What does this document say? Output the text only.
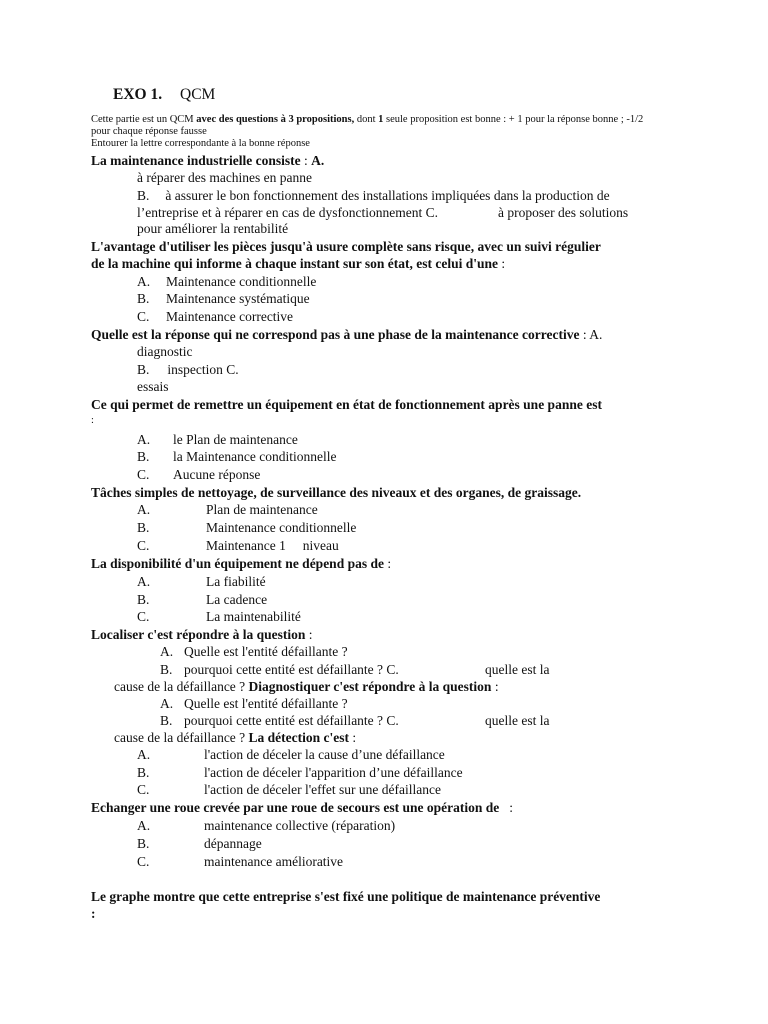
EXO 1. QCM
Cette partie est un QCM avec des questions à 3 propositions, dont 1 seule proposition est bonne : + 1 pour la réponse bonne ; -1/2
pour chaque réponse fausse
Entourer la lettre correspondante à la bonne réponse
La maintenance industrielle consiste : A.
à réparer des machines en panne
B. à assurer le bon fonctionnement des installations impliquées dans la production de
l’entreprise et à réparer en cas de dysfonctionnement C.	à proposer des solutions
pour améliorer la rentabilité
L'avantage d'utiliser les pièces jusqu'à usure complète sans risque, avec un suivi régulier
de la machine qui informe à chaque instant sur son état, est celui d'une :
A. Maintenance conditionnelle
B. Maintenance systématique
C. Maintenance corrective
Quelle est la réponse qui ne correspond pas à une phase de la maintenance corrective : A.
diagnostic
B. inspection C.
essais
Ce qui permet de remettre un équipement en état de fonctionnement après une panne est
:
A. le Plan de maintenance
B. la Maintenance conditionnelle
C. Aucune réponse
Tâches simples de nettoyage, de surveillance des niveaux et des organes, de graissage.
A.	Plan de maintenance
B.	Maintenance conditionnelle
C.	Maintenance 1     niveau
La disponibilité d'un équipement ne dépend pas de :
A.	La fiabilité
B.	La cadence
C.	La maintenabilité
Localiser c'est répondre à la question :
A. Quelle est l'entité défaillante ?
B. pourquoi cette entité est défaillante ? C.	quelle est la
cause de la défaillance ? Diagnostiquer c'est répondre à la question :
A. Quelle est l'entité défaillante ?
B. pourquoi cette entité est défaillante ? C.	quelle est la
cause de la défaillance ? La détection c'est :
A.	l'action de déceler la cause d’une défaillance
B.	l'action de déceler l'apparition d’une défaillance
C.	l'action de déceler l'effet sur une défaillance
Echanger une roue crevée par une roue de secours est une opération de :
A.	maintenance collective (réparation)
B.	dépannage
C.	maintenance améliorative
Le graphe montre que cette entreprise s'est fixé une politique de maintenance préventive
:
